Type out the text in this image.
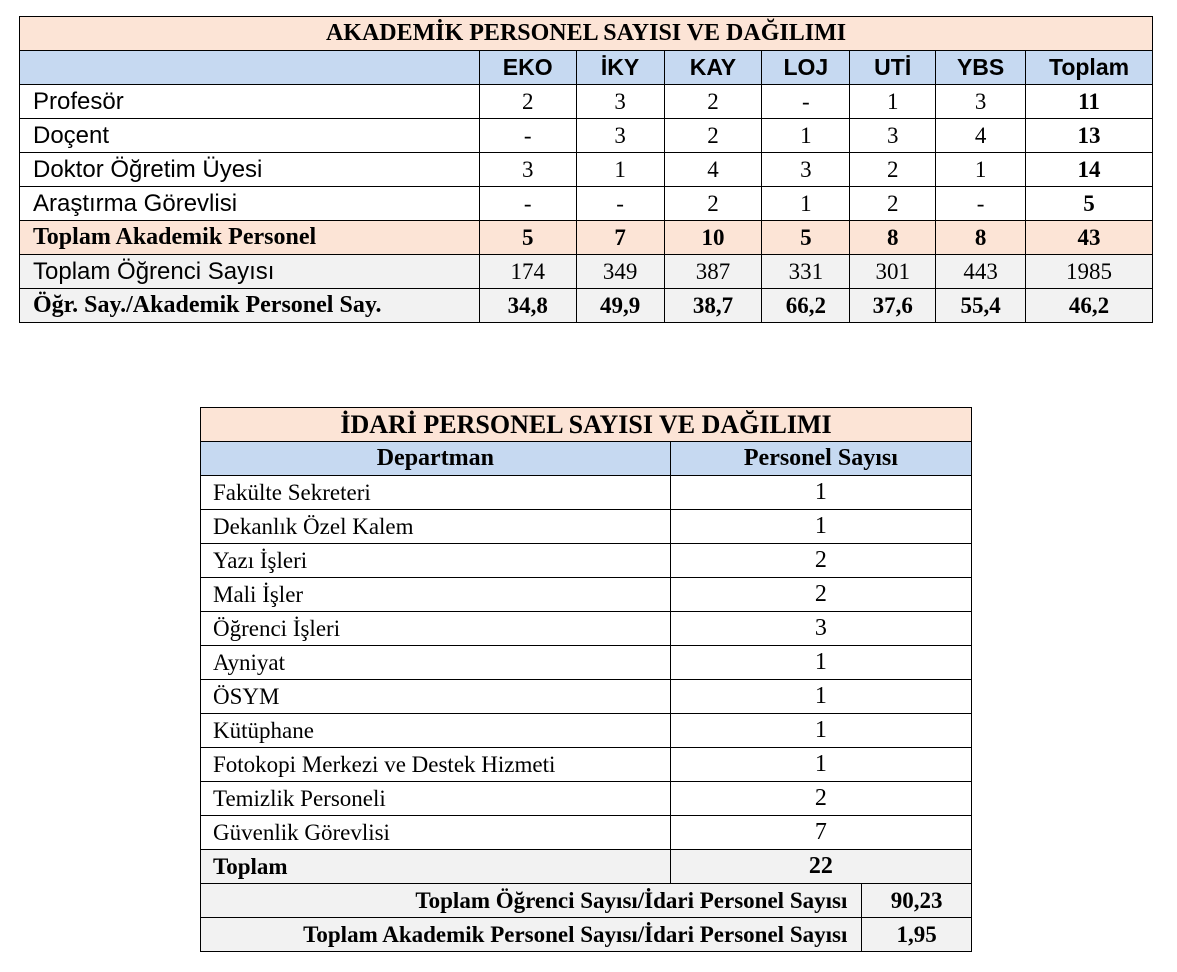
AKADEMİK PERSONEL SAYISI VE DAĞILIMI							
	EKO	İKY	KAY	LOJ	UTİ	YBS	Toplam
Profesör	2	3	2	-	1	3	11
Doçent	-	3	2	1	3	4	13
Doktor Öğretim Üyesi	3	1	4	3	2	1	14
Araştırma Görevlisi	-	-	2	1	2	-	5
Toplam Akademik Personel	5	7	10	5	8	8	43
Toplam Öğrenci Sayısı	174	349	387	331	301	443	1985
Öğr. Say./Akademik Personel Say.	34,8	49,9	38,7	66,2	37,6	55,4	46,2
İDARİ PERSONEL SAYISI VE DAĞILIMI		
Departman	Personel Sayısı	
Fakülte Sekreteri	1	
Dekanlık Özel Kalem	1	
Yazı İşleri	2	
Mali İşler	2	
Öğrenci İşleri	3	
Ayniyat	1	
ÖSYM	1	
Kütüphane	1	
Fotokopi Merkezi ve Destek Hizmeti	1	
Temizlik Personeli	2	
Güvenlik Görevlisi	7	
Toplam	22	
Toplam Öğrenci Sayısı/İdari Personel Sayısı		90,23
Toplam Akademik Personel Sayısı/İdari Personel Sayısı		1,95
